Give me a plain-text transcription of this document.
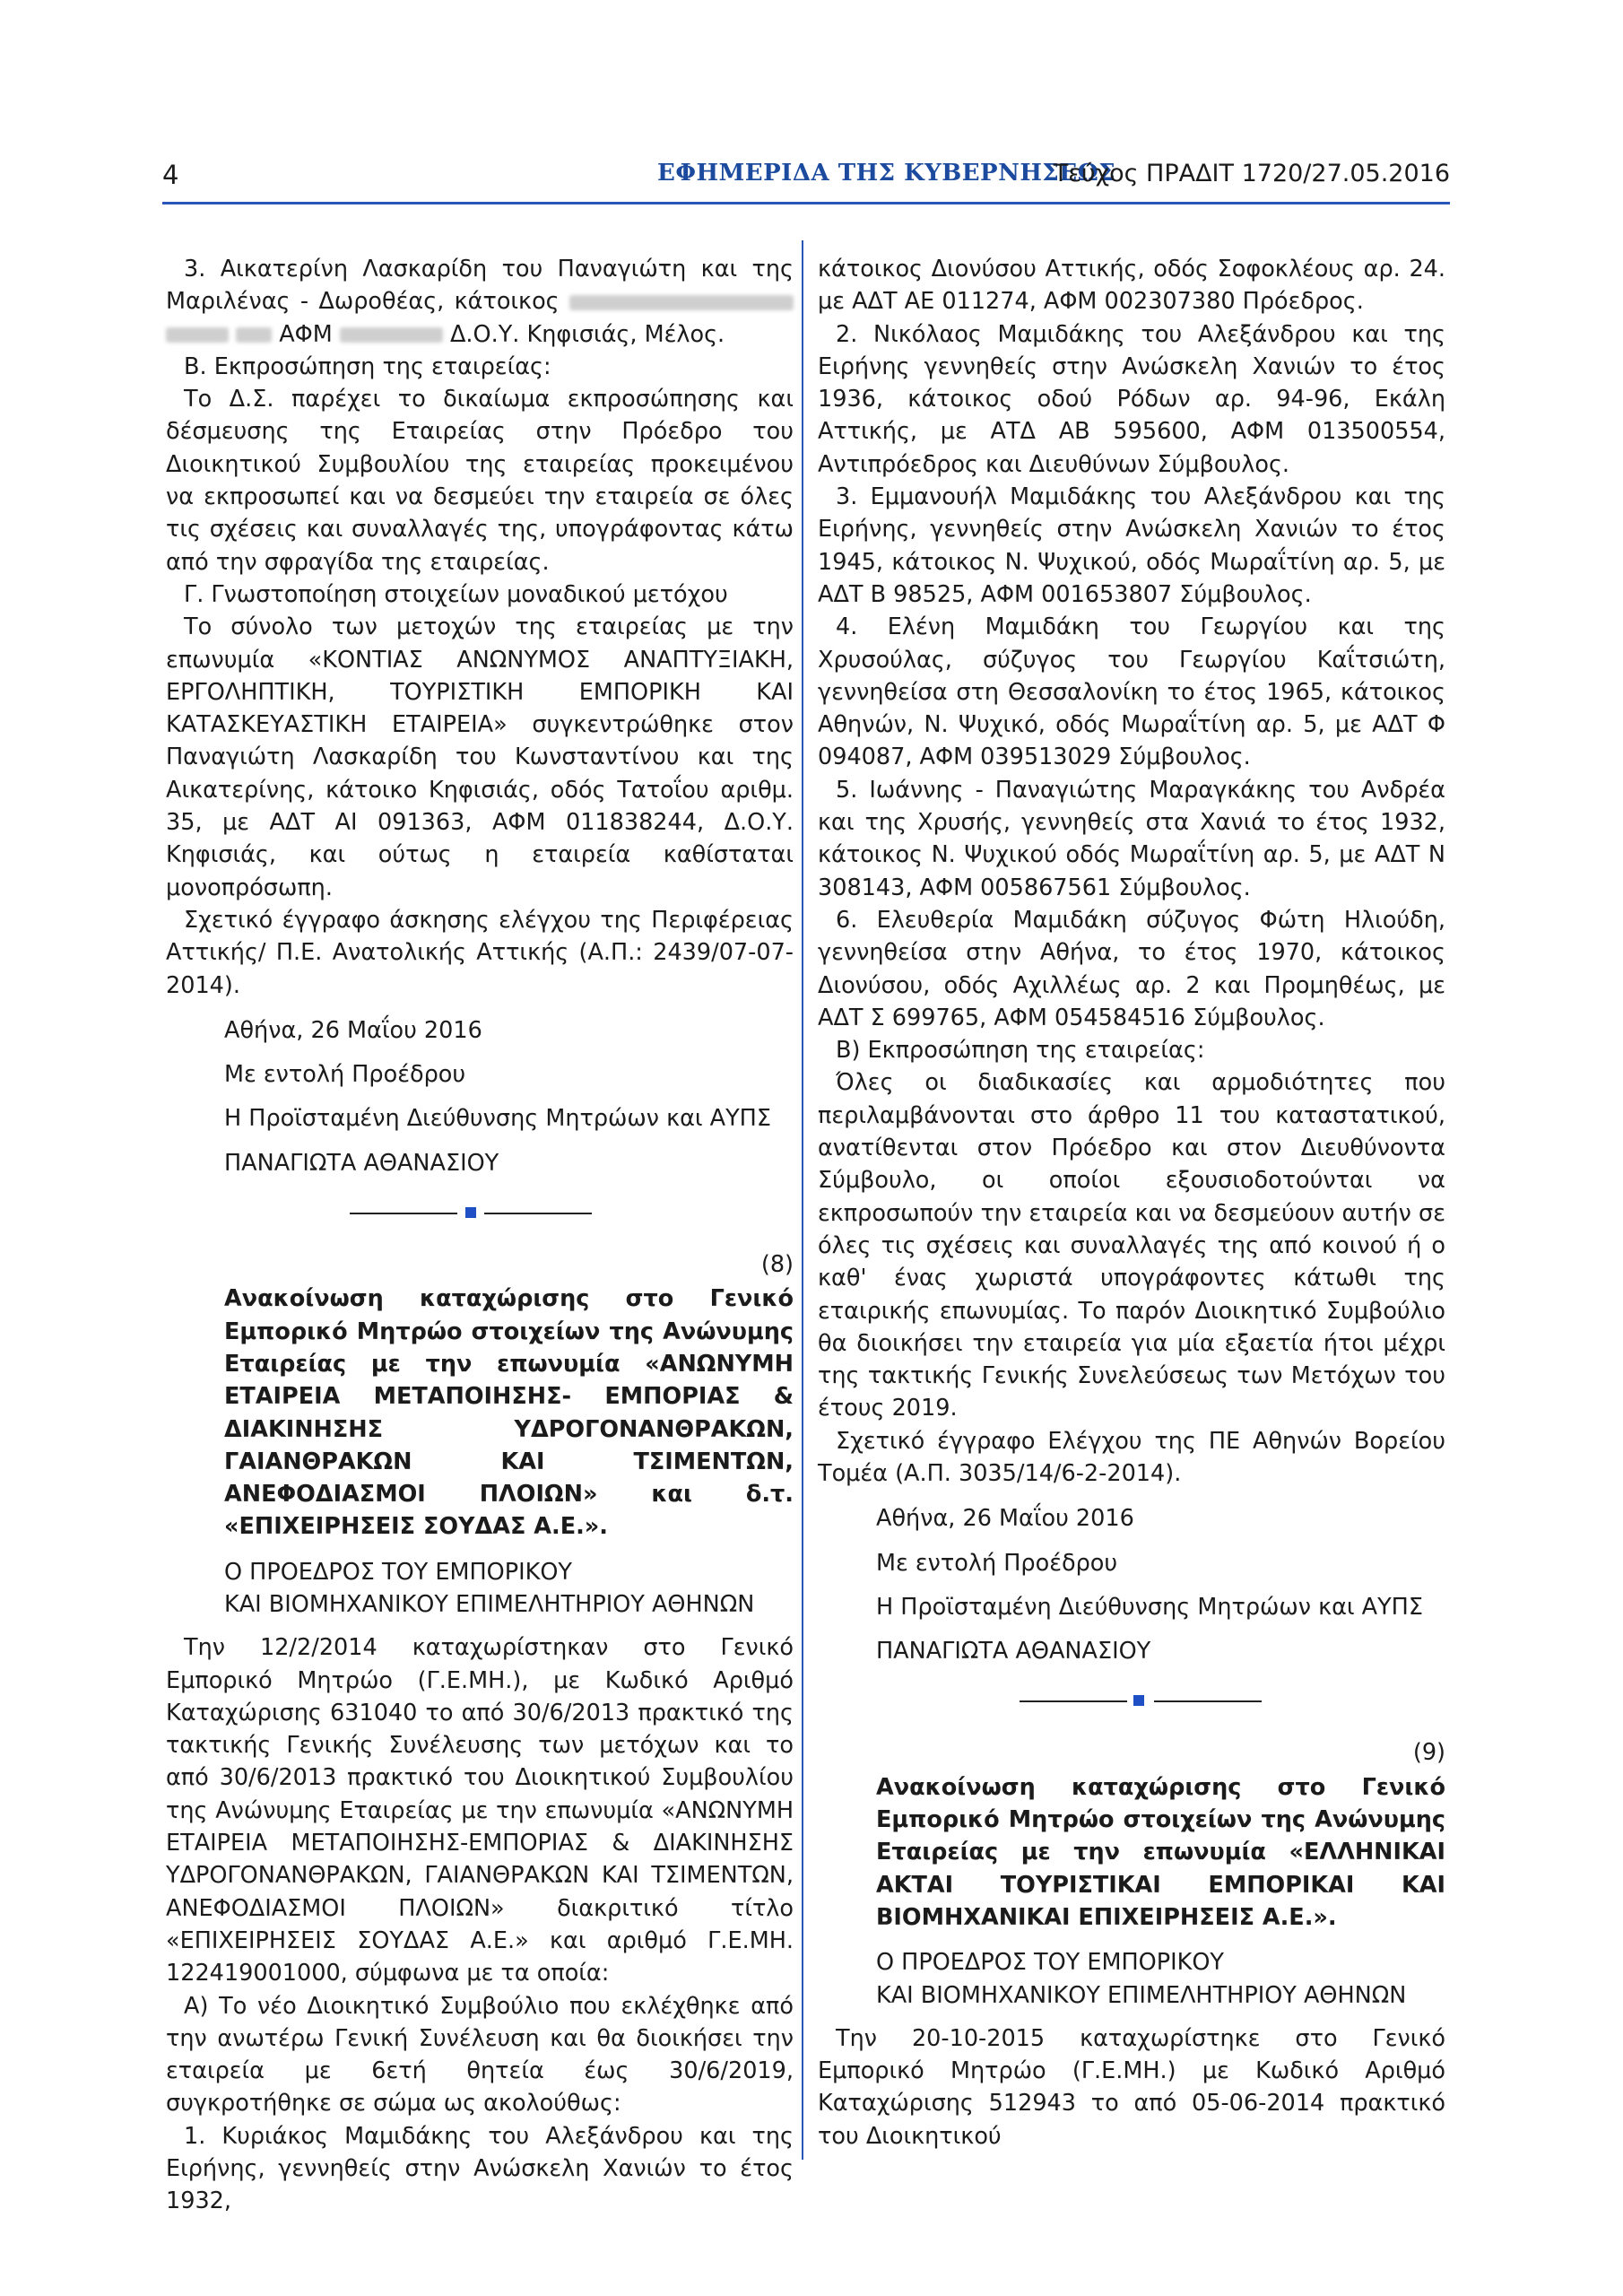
4	ΕΦΗΜΕΡΙΔΑ ΤΗΣ ΚΥΒΕΡΝΗΣΕΩΣ
Τεύχος ΠΡΑΔΙΤ 1720/27.05.2016

3. Αικατερίνη Λασκαρίδη του Παναγιώτη και της Μαριλένας - Δωροθέας, κάτοικος    ΑΦΜ	Δ.Ο.Υ. Κηφισιάς, Μέλος.

Β. Εκπροσώπηση της εταιρείας:

Το Δ.Σ. παρέχει το δικαίωμα εκπροσώπησης και δέσμευσης της Εταιρείας στην Πρόεδρο του Διοικητικού Συμβουλίου της εταιρείας προκειμένου να εκπροσωπεί και να δεσμεύει την εταιρεία σε όλες τις σχέσεις και συναλλαγές της, υπογράφοντας κάτω από την σφραγίδα της εταιρείας.

Γ. Γνωστοποίηση στοιχείων μοναδικού μετόχου

Το σύνολο των μετοχών της εταιρείας με την επωνυμία «ΚΟΝΤΙΑΣ ΑΝΩΝΥΜΟΣ ΑΝΑΠΤΥΞΙΑΚΗ, ΕΡΓΟΛΗΠΤΙΚΗ, ΤΟΥΡΙΣΤΙΚΗ ΕΜΠΟΡΙΚΗ ΚΑΙ ΚΑΤΑΣΚΕΥΑΣΤΙΚΗ ΕΤΑΙΡΕΙΑ» συγκεντρώθηκε στον Παναγιώτη Λασκαρίδη του Κωνσταντίνου και της Αικατερίνης, κάτοικο Κηφισιάς, οδός Τατοΐου αριθμ. 35, με ΑΔΤ ΑΙ 091363, ΑΦΜ 011838244, Δ.Ο.Υ. Κηφισιάς, και ούτως η εταιρεία καθίσταται μονοπρόσωπη.

Σχετικό έγγραφο άσκησης ελέγχου της Περιφέρειας Αττικής/ Π.Ε. Ανατολικής Αττικής (Α.Π.: 2439/07-07-2014).

Αθήνα, 26 Μαΐου 2016

Με εντολή Προέδρου

Η Προϊσταμένη Διεύθυνσης Μητρώων και ΑΥΠΣ

ΠΑΝΑΓΙΩΤΑ ΑΘΑΝΑΣΙΟΥ

(8)

Ανακοίνωση καταχώρισης στο Γενικό Εμπορικό Μητρώο στοιχείων της Ανώνυμης Εταιρείας με την επωνυμία «ΑΝΩΝΥΜΗ ΕΤΑΙΡΕΙΑ ΜΕΤΑΠΟΙΗΣΗΣ- ΕΜΠΟΡΙΑΣ & ΔΙΑΚΙΝΗΣΗΣ ΥΔΡΟΓΟΝΑΝΘΡΑΚΩΝ, ΓΑΙΑΝΘΡΑΚΩΝ ΚΑΙ ΤΣΙΜΕΝΤΩΝ, ΑΝΕΦΟΔΙΑΣΜΟΙ ΠΛΟΙΩΝ» και δ.τ. «ΕΠΙΧΕΙΡΗΣΕΙΣ ΣΟΥΔΑΣ Α.Ε.».

Ο ΠΡΟΕΔΡΟΣ ΤΟΥ ΕΜΠΟΡΙΚΟΥ
ΚΑΙ ΒΙΟΜΗΧΑΝΙΚΟΥ ΕΠΙΜΕΛΗΤΗΡΙΟΥ ΑΘΗΝΩΝ

Την 12/2/2014 καταχωρίστηκαν στο Γενικό Εμπορικό Μητρώο (Γ.Ε.ΜΗ.), με Κωδικό Αριθμό Καταχώρισης 631040 το από 30/6/2013 πρακτικό της τακτικής Γενικής Συνέλευσης των μετόχων και το από 30/6/2013 πρακτικό του Διοικητικού Συμβουλίου της Ανώνυμης Εταιρείας με την επωνυμία «ΑΝΩΝΥΜΗ ΕΤΑΙΡΕΙΑ ΜΕΤΑΠΟΙΗΣΗΣ-ΕΜΠΟΡΙΑΣ & ΔΙΑΚΙΝΗΣΗΣ ΥΔΡΟΓΟΝΑΝΘΡΑΚΩΝ, ΓΑΙΑΝΘΡΑΚΩΝ ΚΑΙ ΤΣΙΜΕΝΤΩΝ, ΑΝΕΦΟΔΙΑΣΜΟΙ ΠΛΟΙΩΝ» διακριτικό τίτλο «ΕΠΙΧΕΙΡΗΣΕΙΣ ΣΟΥΔΑΣ Α.Ε.» και αριθμό Γ.Ε.ΜΗ. 122419001000, σύμφωνα με τα οποία:

Α) Το νέο Διοικητικό Συμβούλιο που εκλέχθηκε από την ανωτέρω Γενική Συνέλευση και θα διοικήσει την εταιρεία με 6ετή θητεία έως 30/6/2019, συγκροτήθηκε σε σώμα ως ακολούθως:

1. Κυριάκος Μαμιδάκης του Αλεξάνδρου και της Ειρήνης, γεννηθείς στην Ανώσκελη Χανιών το έτος 1932,

κάτοικος Διονύσου Αττικής, οδός Σοφοκλέους αρ. 24. με ΑΔΤ ΑΕ 011274, ΑΦΜ 002307380 Πρόεδρος.

2. Νικόλαος Μαμιδάκης του Αλεξάνδρου και της Ειρήνης γεννηθείς στην Ανώσκελη Χανιών το έτος 1936, κάτοικος οδού Ρόδων αρ. 94-96, Εκάλη Αττικής, με ΑΤΔ ΑΒ 595600, ΑΦΜ 013500554, Αντιπρόεδρος και Διευθύνων Σύμβουλος.

3. Εμμανουήλ Μαμιδάκης του Αλεξάνδρου και της Ειρήνης, γεννηθείς στην Ανώσκελη Χανιών το έτος 1945, κάτοικος Ν. Ψυχικού, οδός Μωραΐτίνη αρ. 5, με ΑΔΤ Β 98525, ΑΦΜ 001653807 Σύμβουλος.

4. Ελένη Μαμιδάκη του Γεωργίου και της Χρυσούλας, σύζυγος του Γεωργίου Καΐτσιώτη, γεννηθείσα στη Θεσσαλονίκη το έτος 1965, κάτοικος Αθηνών, Ν. Ψυχικό, οδός Μωραΐτίνη αρ. 5, με ΑΔΤ Φ 094087, ΑΦΜ 039513029 Σύμβουλος.

5. Ιωάννης - Παναγιώτης Μαραγκάκης του Ανδρέα και της Χρυσής, γεννηθείς στα Χανιά το έτος 1932, κάτοικος Ν. Ψυχικού οδός Μωραΐτίνη αρ. 5, με ΑΔΤ Ν 308143, ΑΦΜ 005867561 Σύμβουλος.

6. Ελευθερία Μαμιδάκη σύζυγος Φώτη Ηλιούδη, γεννηθείσα στην Αθήνα, το έτος 1970, κάτοικος Διονύσου, οδός Αχιλλέως αρ. 2 και Προμηθέως, με ΑΔΤ Σ 699765, ΑΦΜ 054584516 Σύμβουλος.

Β) Εκπροσώπηση της εταιρείας:

Όλες οι διαδικασίες και αρμοδιότητες που περιλαμβάνονται στο άρθρο 11 του καταστατικού, ανατίθενται στον Πρόεδρο και στον Διευθύνοντα Σύμβουλο, οι οποίοι εξουσιοδοτούνται να εκπροσωπούν την εταιρεία και να δεσμεύουν αυτήν σε όλες τις σχέσεις και συναλλαγές της από κοινού ή ο καθ' ένας χωριστά υπογράφοντες κάτωθι της εταιρικής επωνυμίας. Το παρόν Διοικητικό Συμβούλιο θα διοικήσει την εταιρεία για μία εξαετία ήτοι μέχρι της τακτικής Γενικής Συνελεύσεως των Μετόχων του έτους 2019.

Σχετικό έγγραφο Ελέγχου της ΠΕ Αθηνών Βορείου Τομέα (Α.Π. 3035/14/6-2-2014).

Αθήνα, 26 Μαΐου 2016

Με εντολή Προέδρου

Η Προϊσταμένη Διεύθυνσης Μητρώων και ΑΥΠΣ

ΠΑΝΑΓΙΩΤΑ ΑΘΑΝΑΣΙΟΥ

(9)

Ανακοίνωση καταχώρισης στο Γενικό Εμπορικό Μητρώο στοιχείων της Ανώνυμης Εταιρείας με την επωνυμία «ΕΛΛΗΝΙΚΑΙ ΑΚΤΑΙ ΤΟΥΡΙΣΤΙΚΑΙ ΕΜΠΟΡΙΚΑΙ ΚΑΙ ΒΙΟΜΗΧΑΝΙΚΑΙ ΕΠΙΧΕΙΡΗΣΕΙΣ Α.Ε.».

Ο ΠΡΟΕΔΡΟΣ ΤΟΥ ΕΜΠΟΡΙΚΟΥ
ΚΑΙ ΒΙΟΜΗΧΑΝΙΚΟΥ ΕΠΙΜΕΛΗΤΗΡΙΟΥ ΑΘΗΝΩΝ

Την 20-10-2015 καταχωρίστηκε στο Γενικό Εμπορικό Μητρώο (Γ.Ε.ΜΗ.) με Κωδικό Αριθμό Καταχώρισης 512943 το από 05-06-2014 πρακτικό του Διοικητικού
